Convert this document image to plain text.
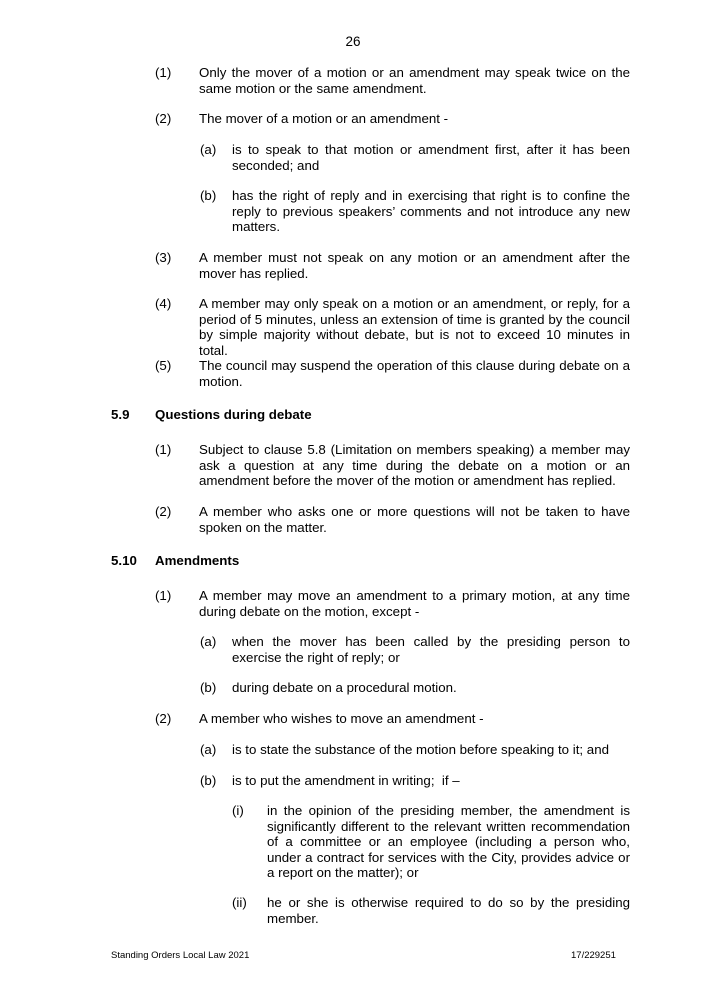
26
(1) Only the mover of a motion or an amendment may speak twice on the same motion or the same amendment.
(2) The mover of a motion or an amendment -
(a) is to speak to that motion or amendment first, after it has been seconded; and
(b) has the right of reply and in exercising that right is to confine the reply to previous speakers’ comments and not introduce any new matters.
(3) A member must not speak on any motion or an amendment after the mover has replied.
(4) A member may only speak on a motion or an amendment, or reply, for a period of 5 minutes, unless an extension of time is granted by the council by simple majority without debate, but is not to exceed 10 minutes in total.
(5) The council may suspend the operation of this clause during debate on a motion.
5.9 Questions during debate
(1) Subject to clause 5.8 (Limitation on members speaking) a member may ask a question at any time during the debate on a motion or an amendment before the mover of the motion or amendment has replied.
(2) A member who asks one or more questions will not be taken to have spoken on the matter.
5.10 Amendments
(1) A member may move an amendment to a primary motion, at any time during debate on the motion, except -
(a) when the mover has been called by the presiding person to exercise the right of reply; or
(b) during debate on a procedural motion.
(2) A member who wishes to move an amendment -
(a) is to state the substance of the motion before speaking to it; and
(b) is to put the amendment in writing;  if –
(i) in the opinion of the presiding member, the amendment is significantly different to the relevant written recommendation of a committee or an employee (including a person who, under a contract for services with the City, provides advice or a report on the matter); or
(ii) he or she is otherwise required to do so by the presiding member.
Standing Orders Local Law 2021	17/229251
